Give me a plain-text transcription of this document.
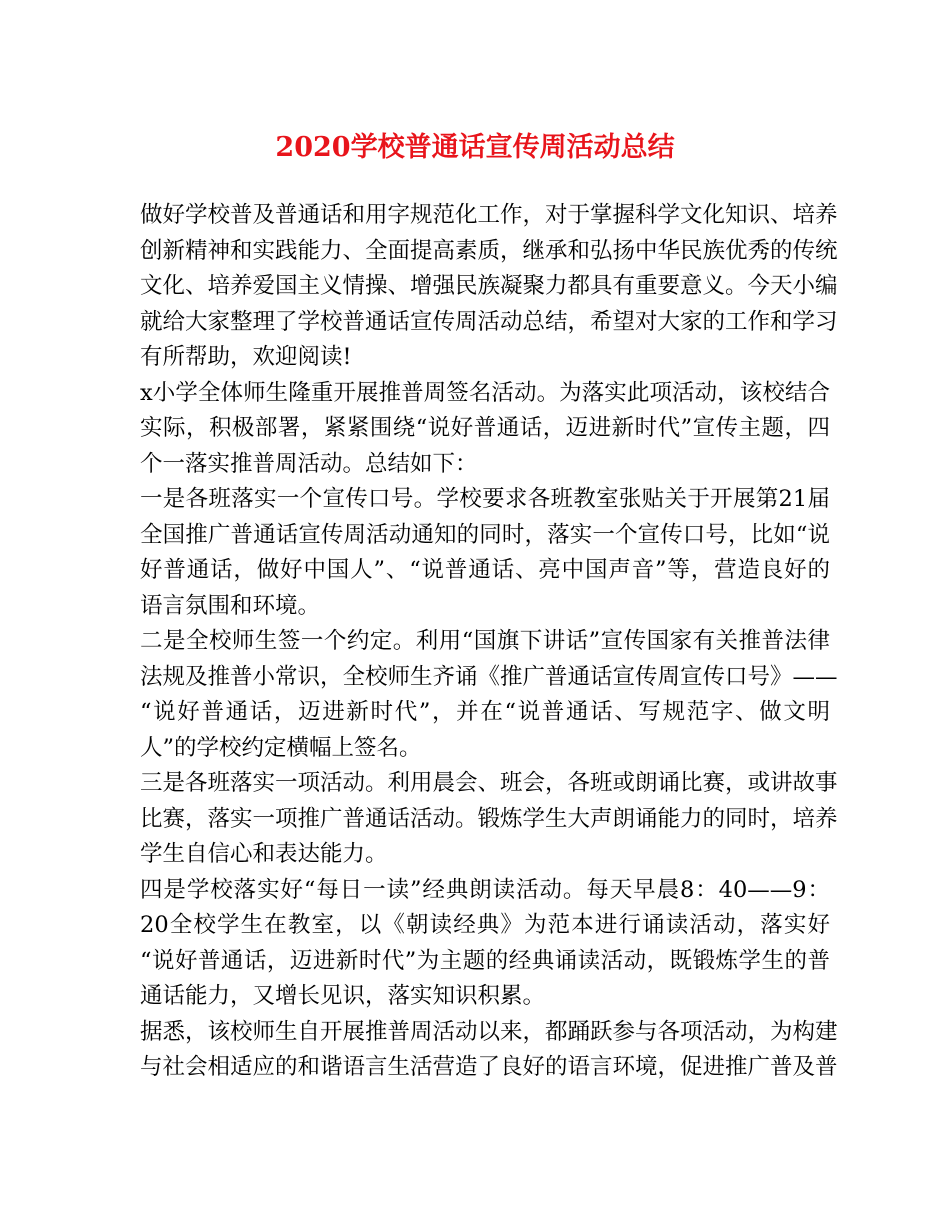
2020学校普通话宣传周活动总结
做好学校普及普通话和用字规范化工作，对于掌握科学文化知识、培养
创新精神和实践能力、全面提高素质，继承和弘扬中华民族优秀的传统
文化、培养爱国主义情操、增强民族凝聚力都具有重要意义。今天小编
就给大家整理了学校普通话宣传周活动总结，希望对大家的工作和学习
有所帮助，欢迎阅读!
x小学全体师生隆重开展推普周签名活动。为落实此项活动，该校结合
实际，积极部署，紧紧围绕“说好普通话，迈进新时代”宣传主题，四
个一落实推普周活动。总结如下：
一是各班落实一个宣传口号。学校要求各班教室张贴关于开展第21届
全国推广普通话宣传周活动通知的同时，落实一个宣传口号，比如“说
好普通话，做好中国人”、“说普通话、亮中国声音”等，营造良好的
语言氛围和环境。
二是全校师生签一个约定。利用“国旗下讲话”宣传国家有关推普法律
法规及推普小常识，全校师生齐诵《推广普通话宣传周宣传口号》——
“说好普通话，迈进新时代”，并在“说普通话、写规范字、做文明
人”的学校约定横幅上签名。
三是各班落实一项活动。利用晨会、班会，各班或朗诵比赛，或讲故事
比赛，落实一项推广普通话活动。锻炼学生大声朗诵能力的同时，培养
学生自信心和表达能力。
四是学校落实好“每日一读”经典朗读活动。每天早晨8：40——9：
20全校学生在教室，以《朝读经典》为范本进行诵读活动，落实好
“说好普通话，迈进新时代”为主题的经典诵读活动，既锻炼学生的普
通话能力，又增长见识，落实知识积累。
据悉，该校师生自开展推普周活动以来，都踊跃参与各项活动，为构建
与社会相适应的和谐语言生活营造了良好的语言环境，促进推广普及普
